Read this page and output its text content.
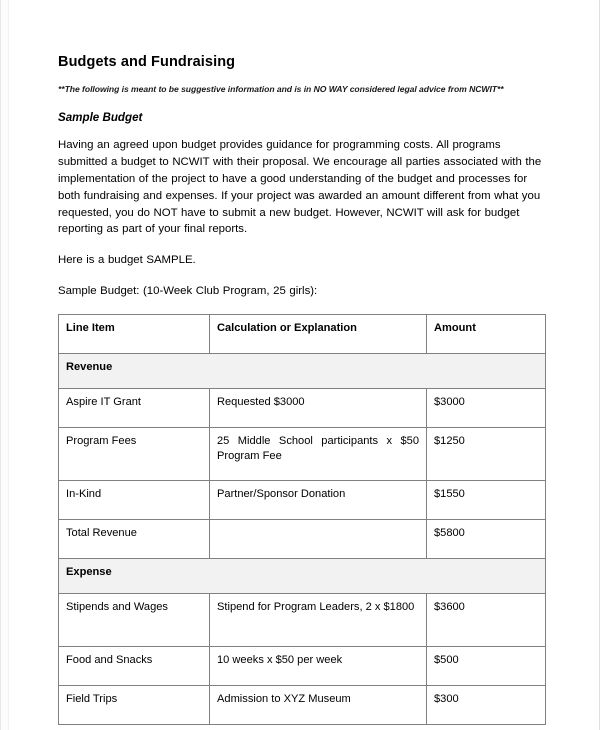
Budgets and Fundraising

**The following is meant to be suggestive information and is in NO WAY considered legal advice from NCWIT**

Sample Budget

Having an agreed upon budget provides guidance for programming costs. All programs submitted a budget to NCWIT with their proposal. We encourage all parties associated with the implementation of the project to have a good understanding of the budget and processes for both fundraising and expenses. If your project was awarded an amount different from what you requested, you do NOT have to submit a new budget. However, NCWIT will ask for budget reporting as part of your final reports.

Here is a budget SAMPLE.

Sample Budget: (10-Week Club Program, 25 girls):

Line Item	Calculation or Explanation	Amount
Revenue		
Aspire IT Grant	Requested $3000	$3000
Program Fees	25 Middle School participants x $50 Program Fee	$1250
In-Kind	Partner/Sponsor Donation	$1550
Total Revenue		$5800
Expense		
Stipends and Wages	Stipend for Program Leaders, 2 x $1800	$3600
Food and Snacks	10 weeks x $50 per week	$500
Field Trips	Admission to XYZ Museum	$300
